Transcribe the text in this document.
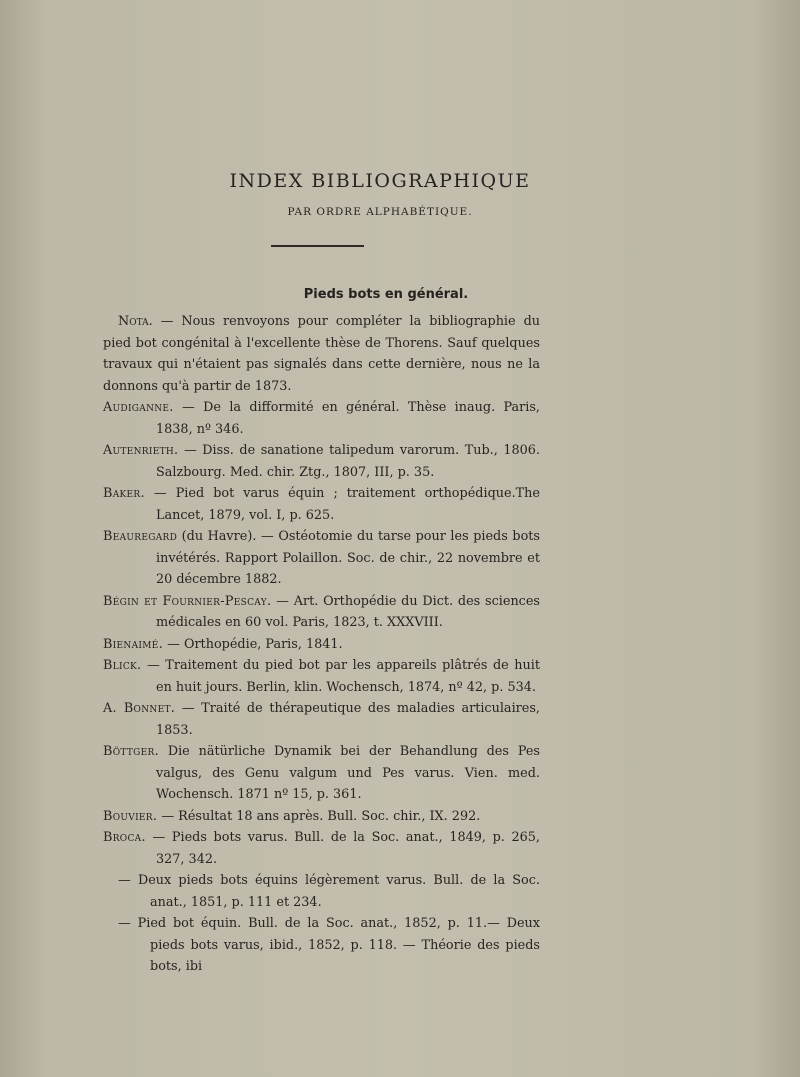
INDEX BIBLIOGRAPHIQUE
PAR ORDRE ALPHABÉTIQUE.
Pieds bots en général.
Nota. — Nous renvoyons pour compléter la bibliographie du pied bot congénital à l'excellente thèse de Thorens. Sauf quelques travaux qui n'étaient pas signalés dans cette dernière, nous ne la donnons qu'à partir de 1873.
Audiganne. — De la difformité en général. Thèse inaug. Paris, 1838, nº 346.
Autenrieth. — Diss. de sanatione talipedum varorum. Tub., 1806. Salzbourg. Med. chir. Ztg., 1807, III, p. 35.
Baker. — Pied bot varus équin ; traitement orthopédique.The Lancet, 1879, vol. I, p. 625.
Beauregard (du Havre). — Ostéotomie du tarse pour les pieds bots invétérés. Rapport Polaillon. Soc. de chir., 22 novembre et 20 décembre 1882.
Bégin et Fournier-Pescay. — Art. Orthopédie du Dict. des sciences médicales en 60 vol. Paris, 1823, t. XXXVIII.
Bienaimé. — Orthopédie, Paris, 1841.
Blick. — Traitement du pied bot par les appareils plâtrés de huit en huit jours. Berlin, klin. Wochensch, 1874, nº 42, p. 534.
A. Bonnet. — Traité de thérapeutique des maladies articulaires, 1853.
Böttger. Die nätürliche Dynamik bei der Behandlung des Pes valgus, des Genu valgum und Pes varus. Vien. med. Wochensch. 1871 nº 15, p. 361.
Bouvier. — Résultat 18 ans après. Bull. Soc. chir., IX. 292.
Broca. — Pieds bots varus. Bull. de la Soc. anat., 1849, p. 265, 327, 342.
— Deux pieds bots équins légèrement varus. Bull. de la Soc. anat., 1851, p. 111 et 234.
— Pied bot équin. Bull. de la Soc. anat., 1852, p. 11.— Deux pieds bots varus, ibid., 1852, p. 118. — Théorie des pieds bots, ibi
